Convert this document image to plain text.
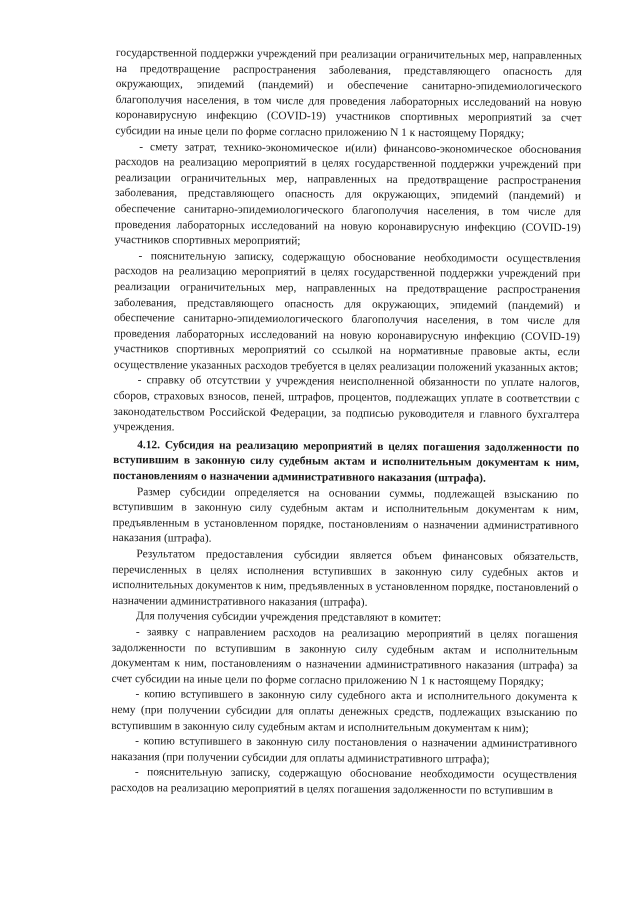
государственной поддержки учреждений при реализации ограничительных мер, направленных на предотвращение распространения заболевания, представляющего опасность для окружающих, эпидемий (пандемий) и обеспечение санитарно-эпидемиологического благополучия населения, в том числе для проведения лабораторных исследований на новую коронавирусную инфекцию (COVID-19) участников спортивных мероприятий за счет субсидии на иные цели по форме согласно приложению N 1 к настоящему Порядку;

- смету затрат, технико-экономическое и(или) финансово-экономическое обоснования расходов на реализацию мероприятий в целях государственной поддержки учреждений при реализации ограничительных мер, направленных на предотвращение распространения заболевания, представляющего опасность для окружающих, эпидемий (пандемий) и обеспечение санитарно-эпидемиологического благополучия населения, в том числе для проведения лабораторных исследований на новую коронавирусную инфекцию (COVID-19) участников спортивных мероприятий;

- пояснительную записку, содержащую обоснование необходимости осуществления расходов на реализацию мероприятий в целях государственной поддержки учреждений при реализации ограничительных мер, направленных на предотвращение распространения заболевания, представляющего опасность для окружающих, эпидемий (пандемий) и обеспечение санитарно-эпидемиологического благополучия населения, в том числе для проведения лабораторных исследований на новую коронавирусную инфекцию (COVID-19) участников спортивных мероприятий со ссылкой на нормативные правовые акты, если осуществление указанных расходов требуется в целях реализации положений указанных актов;

- справку об отсутствии у учреждения неисполненной обязанности по уплате налогов, сборов, страховых взносов, пеней, штрафов, процентов, подлежащих уплате в соответствии с законодательством Российской Федерации, за подписью руководителя и главного бухгалтера учреждения.

4.12. Субсидия на реализацию мероприятий в целях погашения задолженности по вступившим в законную силу судебным актам и исполнительным документам к ним, постановлениям о назначении административного наказания (штрафа).

Размер субсидии определяется на основании суммы, подлежащей взысканию по вступившим в законную силу судебным актам и исполнительным документам к ним, предъявленным в установленном порядке, постановлениям о назначении административного наказания (штрафа).

Результатом предоставления субсидии является объем финансовых обязательств, перечисленных в целях исполнения вступивших в законную силу судебных актов и исполнительных документов к ним, предъявленных в установленном порядке, постановлений о назначении административного наказания (штрафа).

Для получения субсидии учреждения представляют в комитет:

- заявку с направлением расходов на реализацию мероприятий в целях погашения задолженности по вступившим в законную силу судебным актам и исполнительным документам к ним, постановлениям о назначении административного наказания (штрафа) за счет субсидии на иные цели по форме согласно приложению N 1 к настоящему Порядку;

- копию вступившего в законную силу судебного акта и исполнительного документа к нему (при получении субсидии для оплаты денежных средств, подлежащих взысканию по вступившим в законную силу судебным актам и исполнительным документам к ним);

- копию вступившего в законную силу постановления о назначении административного наказания (при получении субсидии для оплаты административного штрафа);

- пояснительную записку, содержащую обоснование необходимости осуществления расходов на реализацию мероприятий в целях погашения задолженности по вступившим в
